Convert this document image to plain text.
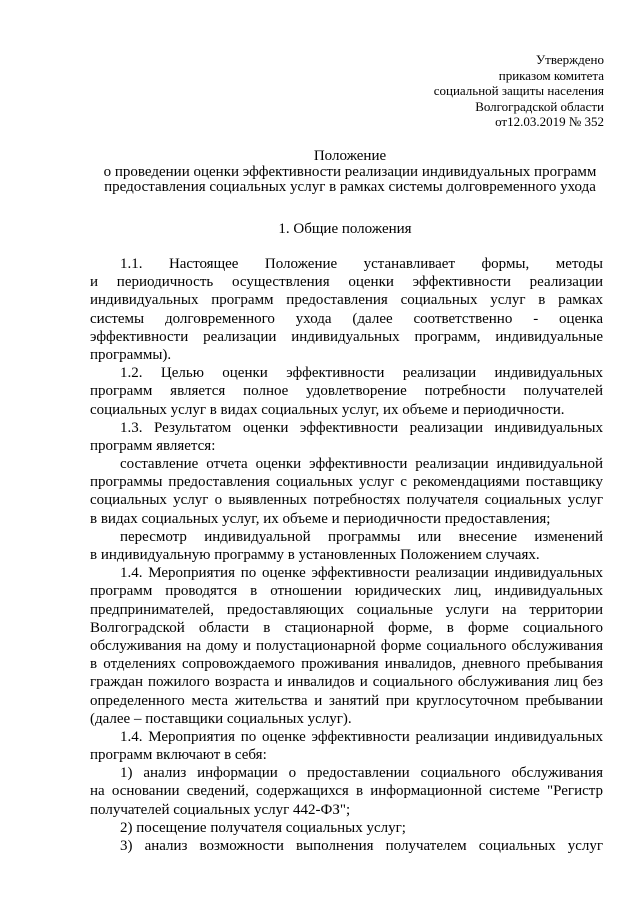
Утверждено
приказом комитета
социальной защиты населения
Волгоградской области
от12.03.2019 № 352
Положение
о проведении оценки эффективности реализации индивидуальных программ
предоставления социальных услуг в рамках системы долговременного ухода
1. Общие положения
1.1. Настоящее Положение устанавливает формы, методы
и периодичность осуществления оценки эффективности реализации
индивидуальных программ предоставления социальных услуг в рамках
системы долговременного ухода (далее соответственно - оценка
эффективности реализации индивидуальных программ, индивидуальные
программы).
1.2. Целью оценки эффективности реализации индивидуальных
программ является полное удовлетворение потребности получателей
социальных услуг в видах социальных услуг, их объеме и периодичности.
1.3. Результатом оценки эффективности реализации индивидуальных
программ является:
составление отчета оценки эффективности реализации индивидуальной
программы предоставления социальных услуг с рекомендациями поставщику
социальных услуг о выявленных потребностях получателя социальных услуг
в видах социальных услуг, их объеме и периодичности предоставления;
пересмотр индивидуальной программы или внесение изменений
в индивидуальную программу в установленных Положением случаях.
1.4. Мероприятия по оценке эффективности реализации индивидуальных
программ проводятся в отношении юридических лиц, индивидуальных
предпринимателей, предоставляющих социальные услуги на территории
Волгоградской области в стационарной форме, в форме социального
обслуживания на дому и полустационарной форме социального обслуживания
в отделениях сопровождаемого проживания инвалидов, дневного пребывания
граждан пожилого возраста и инвалидов и социального обслуживания лиц без
определенного места жительства и занятий при круглосуточном пребывании
(далее – поставщики социальных услуг).
1.4. Мероприятия по оценке эффективности реализации индивидуальных
программ включают в себя:
1) анализ информации о предоставлении социального обслуживания
на основании сведений, содержащихся в информационной системе "Регистр
получателей социальных услуг 442-ФЗ";
2) посещение получателя социальных услуг;
3) анализ возможности выполнения получателем социальных услуг
